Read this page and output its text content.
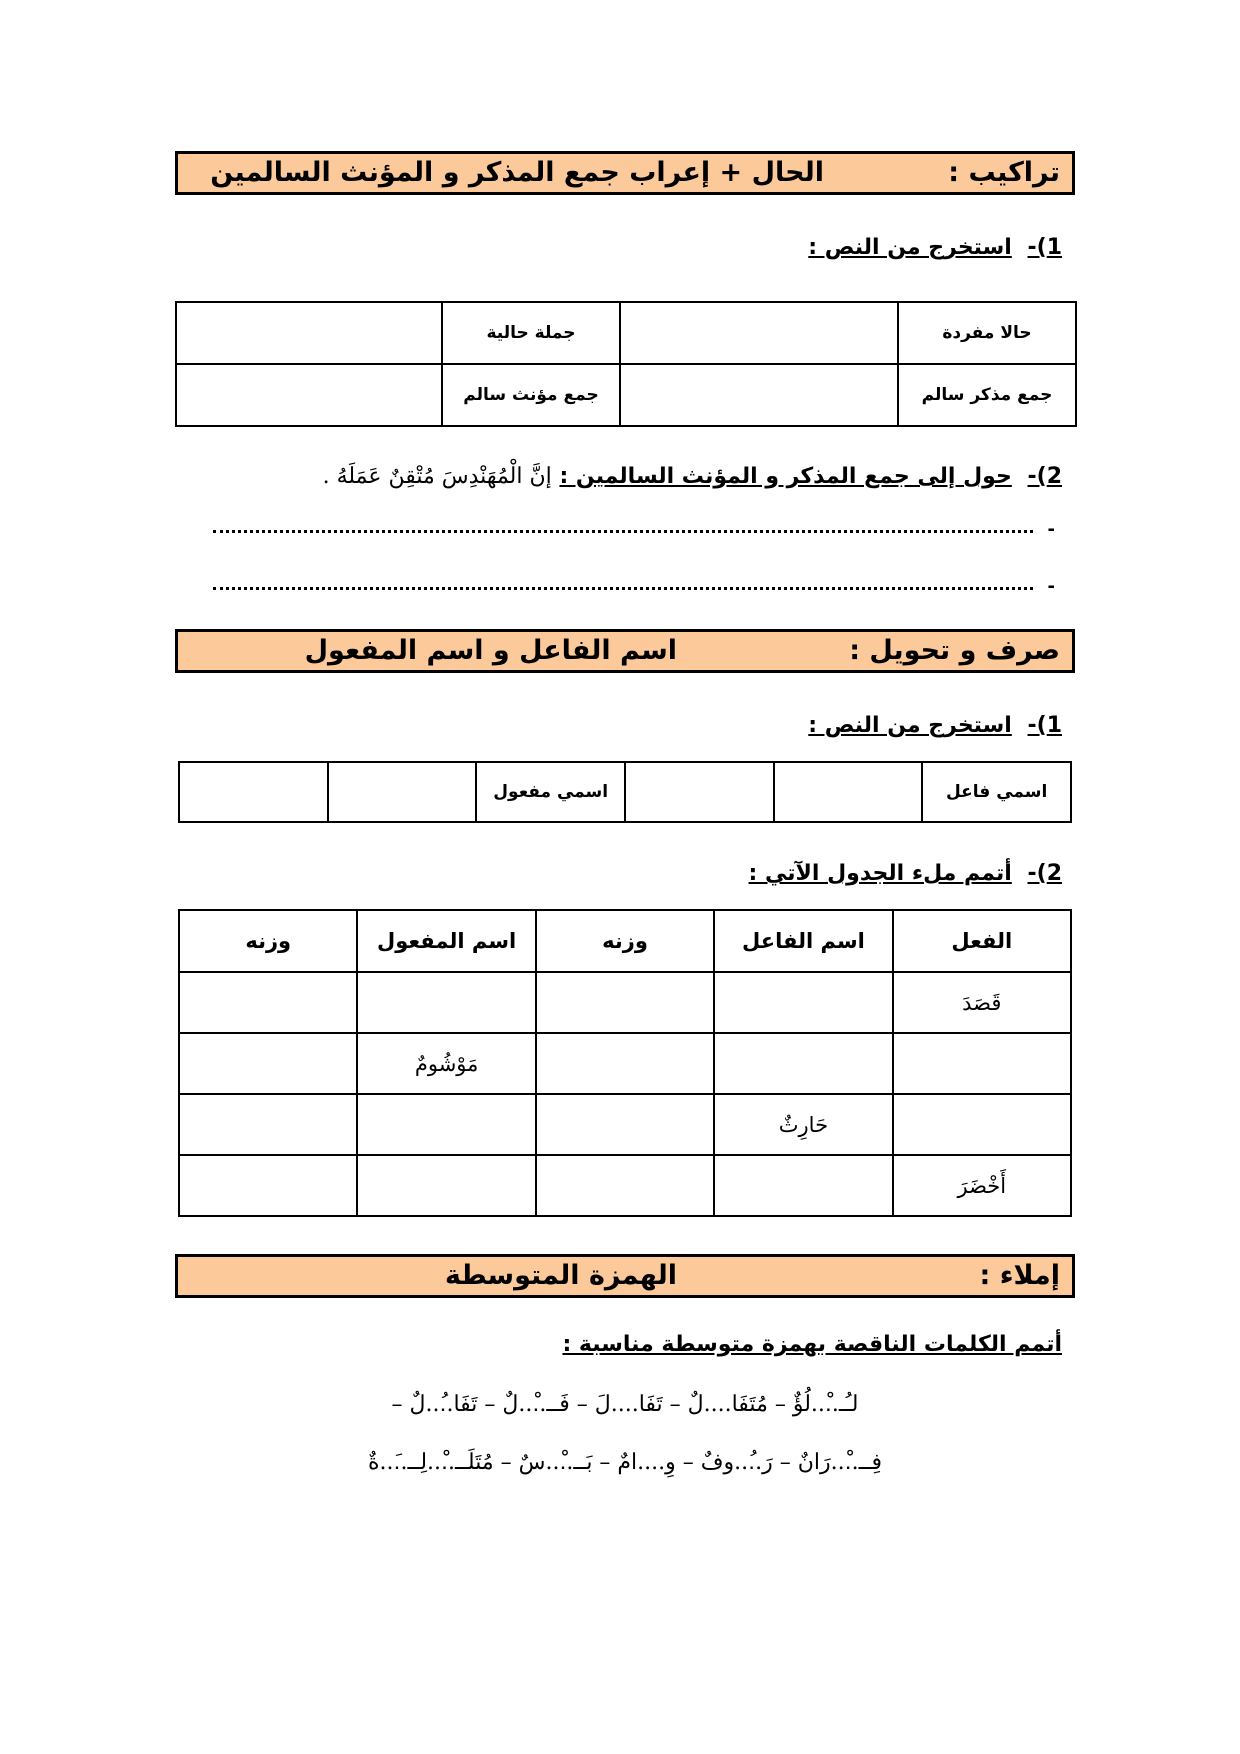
تراكيب :
الحال + إعراب جمع المذكر و المؤنث السالمين
1)- استخرج من النص :
حالا مفردة		جملة حالية	
جمع مذكر سالم		جمع مؤنث سالم	
2)- حول إلى جمع المذكر و المؤنث السالمين : إنَّ الْمُهَنْدِسَ مُتْقِنٌ عَمَلَهُ .
-
-
صرف و تحويل :
اسم الفاعل و اسم المفعول
1)- استخرج من النص :
اسمي فاعل			اسمي مفعول		
2)- أتمم ملء الجدول الآتي :
الفعل	اسم الفاعل	وزنه	اسم المفعول	وزنه
قَصَدَ				
			مَوْشُومٌ	
	حَارِثٌ			
أَخْضَرَ				
إملاء :
الهمزة المتوسطة
أتمم الكلمات الناقصة بهمزة متوسطة مناسبة :
لـُـ..ْ..لُؤٌ – مُتَفَا....لٌ – تَفَا....لَ – فَــ..ْ..لٌ – تَفَا..ُ..لٌ –
فِــ..ْ..رَانٌ – رَ..ُ..وفٌ – وِ....امٌ – بَــ..ْ..سٌ – مُتَلَــ..ْ..لِــ..َ..ةٌ
